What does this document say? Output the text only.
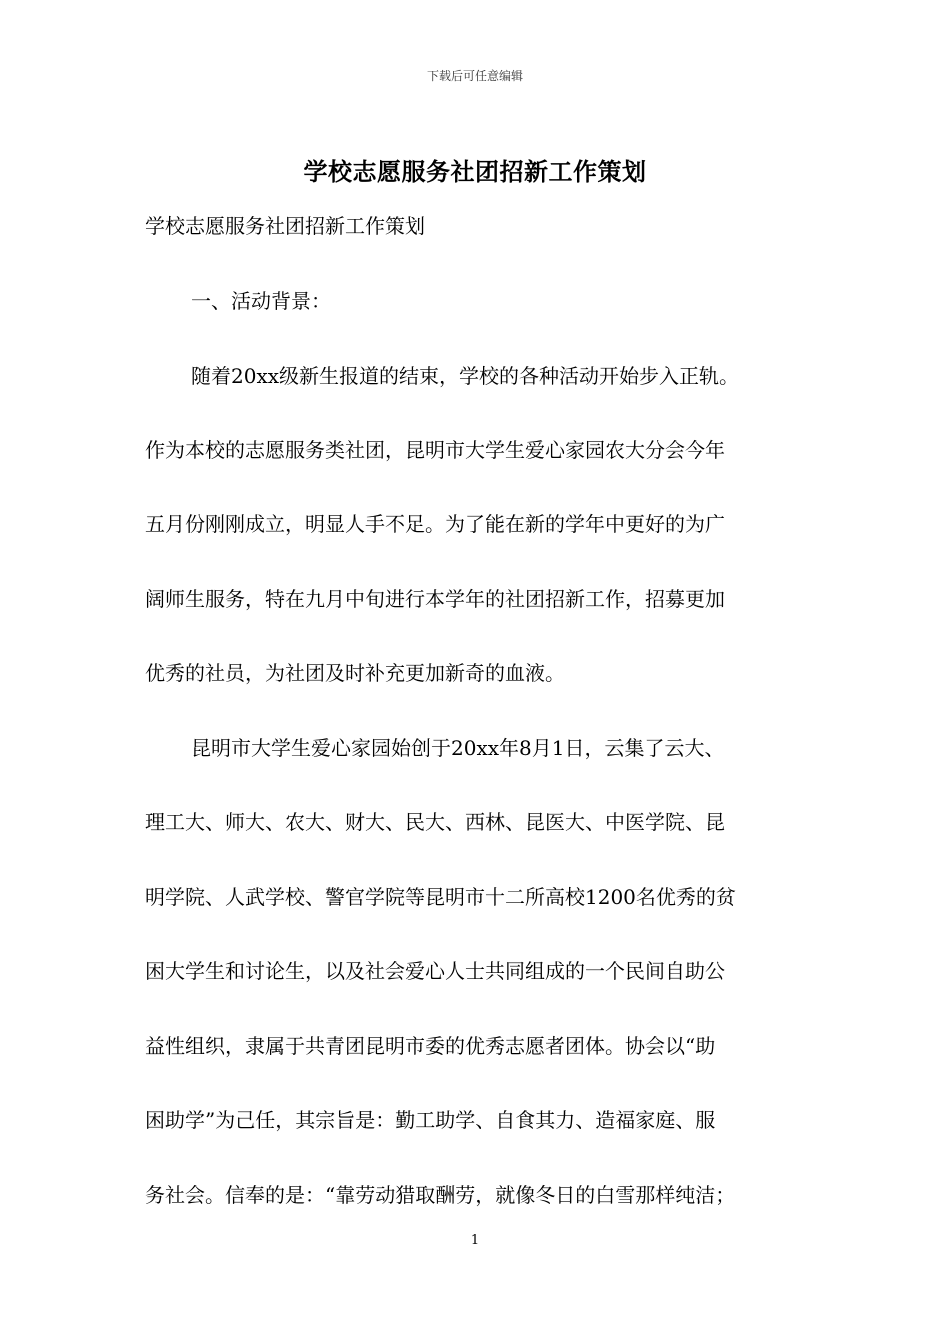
下载后可任意编辑
学校志愿服务社团招新工作策划
学校志愿服务社团招新工作策划
一、活动背景：
随着20xx级新生报道的结束，学校的各种活动开始步入正轨。
作为本校的志愿服务类社团，昆明市大学生爱心家园农大分会今年
五月份刚刚成立，明显人手不足。为了能在新的学年中更好的为广
阔师生服务，特在九月中旬进行本学年的社团招新工作，招募更加
优秀的社员，为社团及时补充更加新奇的血液。
昆明市大学生爱心家园始创于20xx年8月1日，云集了云大、
理工大、师大、农大、财大、民大、西林、昆医大、中医学院、昆
明学院、人武学校、警官学院等昆明市十二所高校1200名优秀的贫
困大学生和讨论生，以及社会爱心人士共同组成的一个民间自助公
益性组织，隶属于共青团昆明市委的优秀志愿者团体。协会以“助
困助学”为己任，其宗旨是：勤工助学、自食其力、造福家庭、服
务社会。信奉的是：“靠劳动猎取酬劳，就像冬日的白雪那样纯洁；
1
